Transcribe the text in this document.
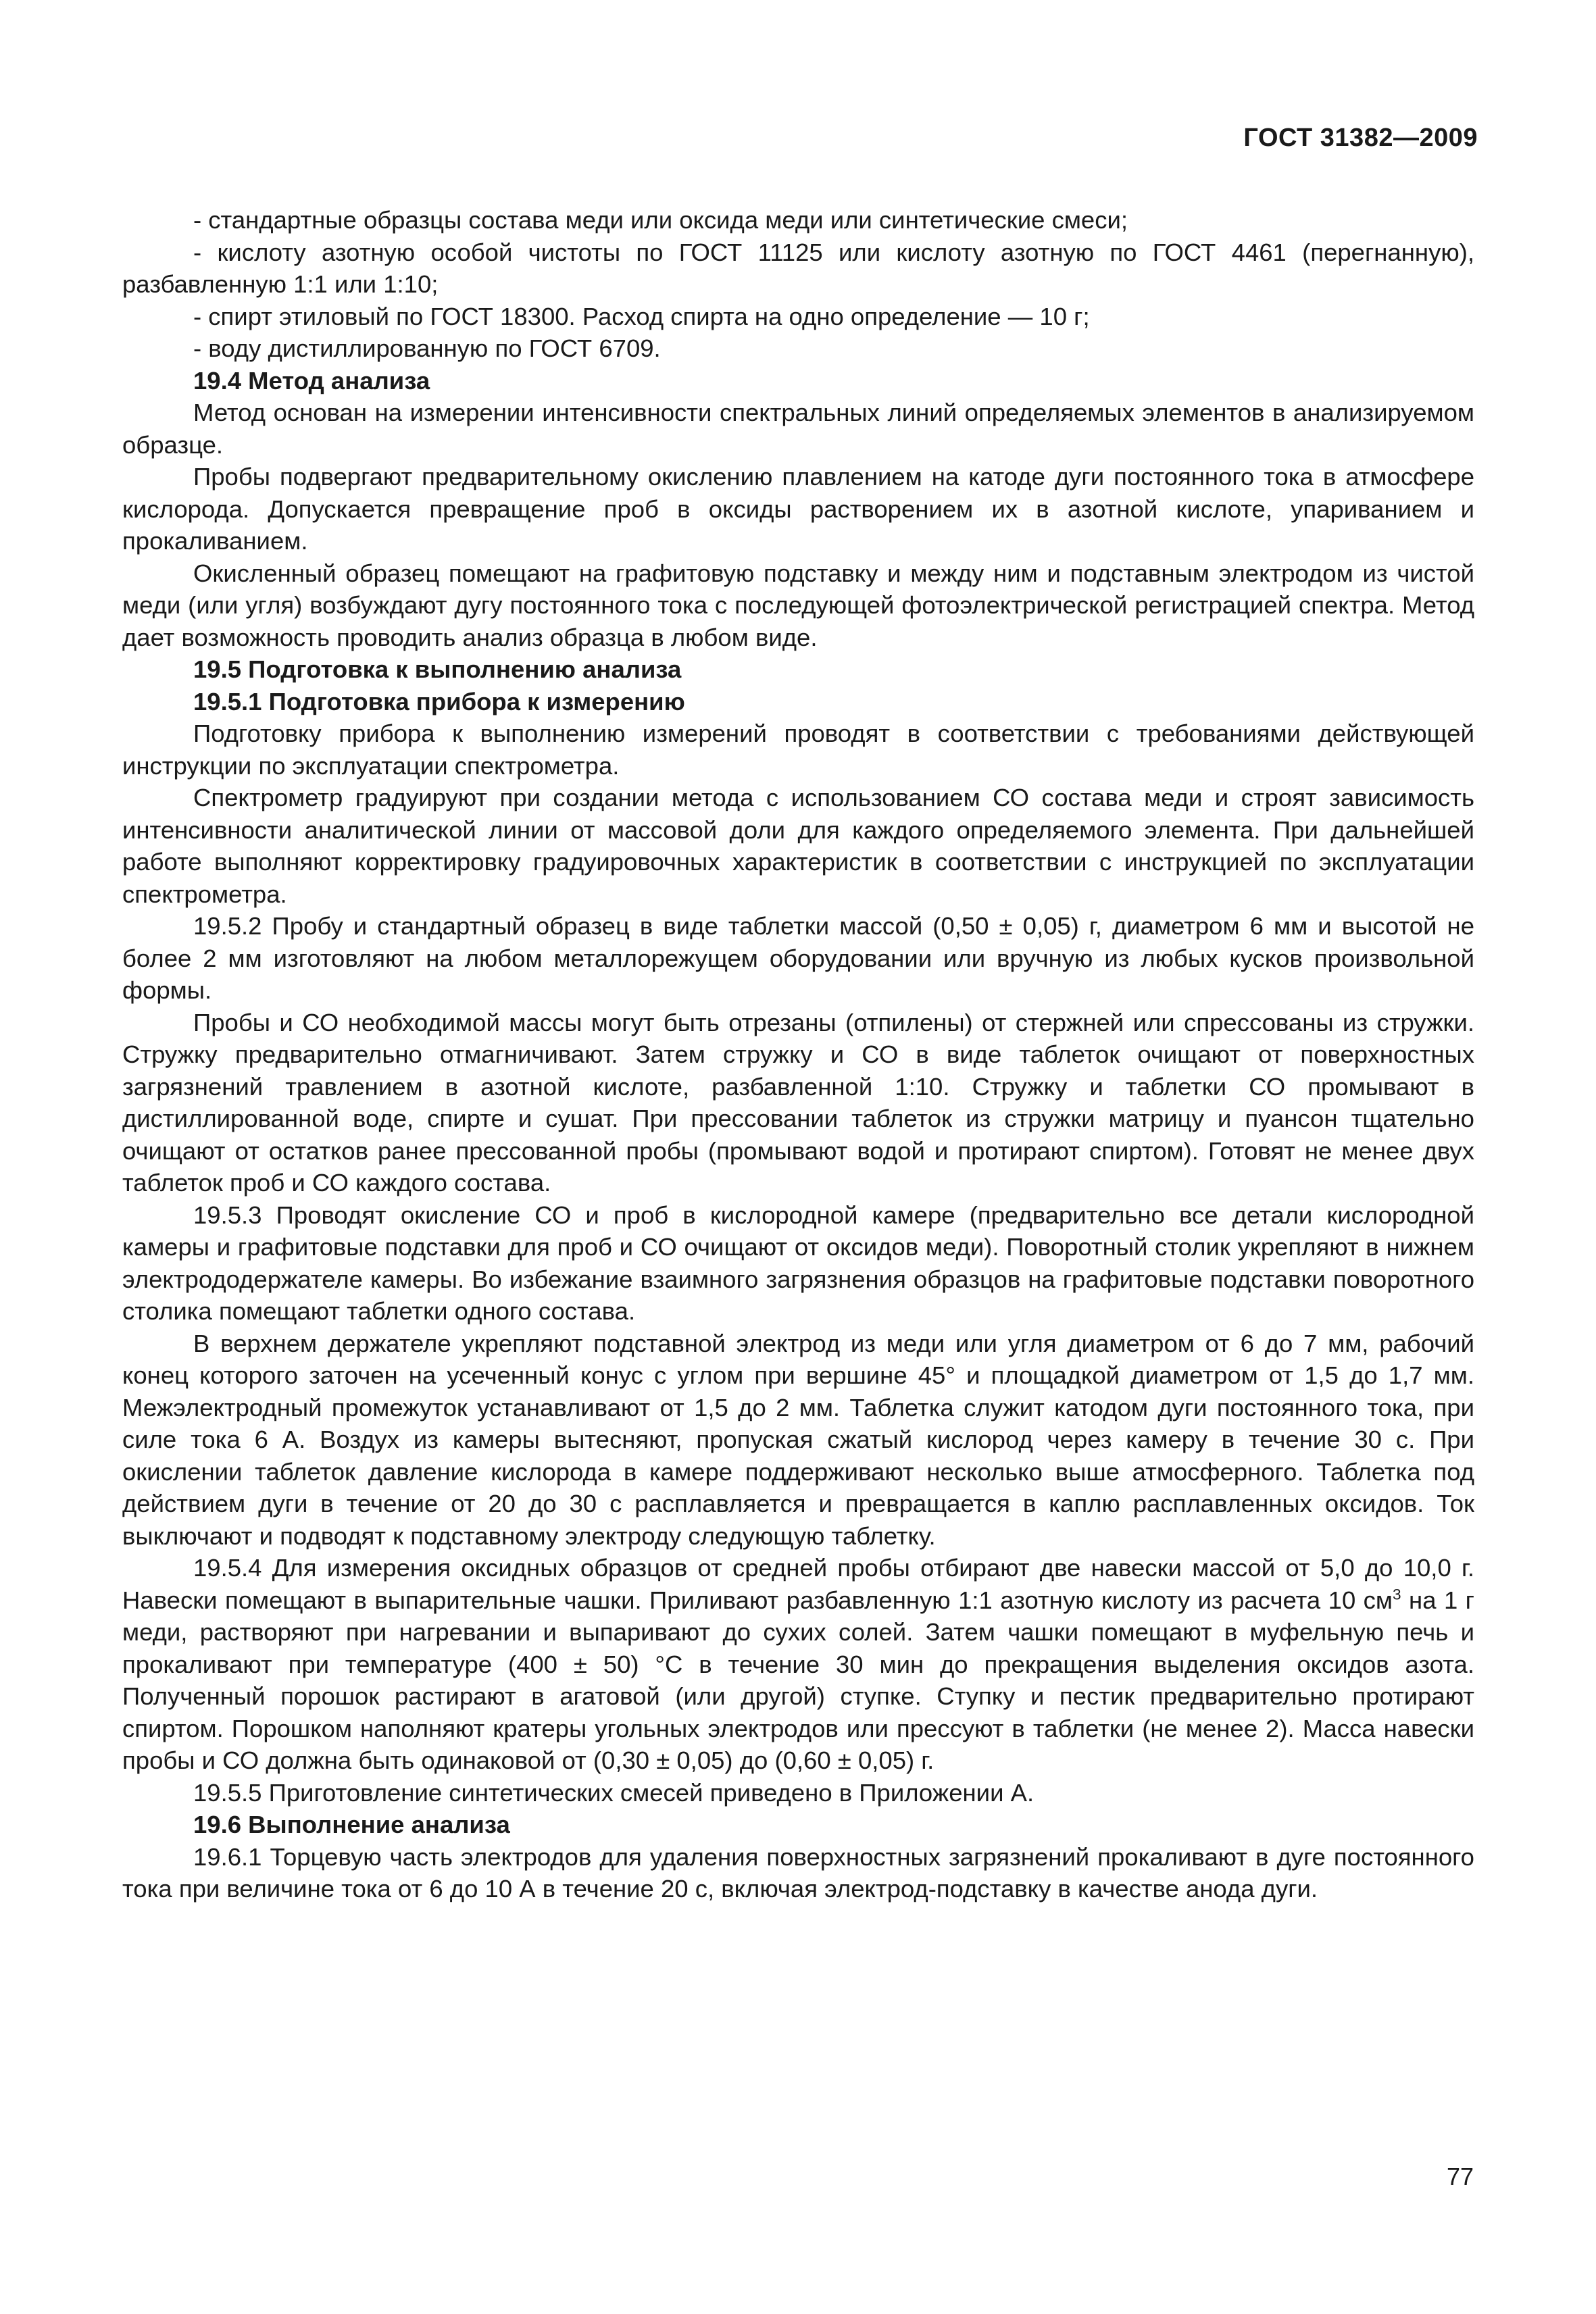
ГОСТ 31382—2009

- стандартные образцы состава меди или оксида меди или синтетические смеси;

- кислоту азотную особой чистоты по ГОСТ 11125 или кислоту азотную по ГОСТ 4461 (перегнанную), разбавленную 1:1 или 1:10;

- спирт этиловый по ГОСТ 18300. Расход спирта на одно определение — 10 г;

- воду дистиллированную по ГОСТ 6709.

19.4 Метод анализа

Метод основан на измерении интенсивности спектральных линий определяемых элементов в анализируемом образце.

Пробы подвергают предварительному окислению плавлением на катоде дуги постоянного тока в атмосфере кислорода. Допускается превращение проб в оксиды растворением их в азотной кислоте, упариванием и прокаливанием.

Окисленный образец помещают на графитовую подставку и между ним и подставным электродом из чистой меди (или угля) возбуждают дугу постоянного тока с последующей фотоэлектрической регистрацией спектра. Метод дает возможность проводить анализ образца в любом виде.

19.5 Подготовка к выполнению анализа

19.5.1 Подготовка прибора к измерению

Подготовку прибора к выполнению измерений проводят в соответствии с требованиями действующей инструкции по эксплуатации спектрометра.

Спектрометр градуируют при создании метода с использованием СО состава меди и строят зависимость интенсивности аналитической линии от массовой доли для каждого определяемого элемента. При дальнейшей работе выполняют корректировку градуировочных характеристик в соответствии с инструкцией по эксплуатации спектрометра.

19.5.2 Пробу и стандартный образец в виде таблетки массой (0,50 ± 0,05) г, диаметром 6 мм и высотой не более 2 мм изготовляют на любом металлорежущем оборудовании или вручную из любых кусков произвольной формы.

Пробы и СО необходимой массы могут быть отрезаны (отпилены) от стержней или спрессованы из стружки. Стружку предварительно отмагничивают. Затем стружку и СО в виде таблеток очищают от поверхностных загрязнений травлением в азотной кислоте, разбавленной 1:10. Стружку и таблетки СО промывают в дистиллированной воде, спирте и сушат. При прессовании таблеток из стружки матрицу и пуансон тщательно очищают от остатков ранее прессованной пробы (промывают водой и протирают спиртом). Готовят не менее двух таблеток проб и СО каждого состава.

19.5.3 Проводят окисление СО и проб в кислородной камере (предварительно все детали кислородной камеры и графитовые подставки для проб и СО очищают от оксидов меди). Поворотный столик укрепляют в нижнем электрододержателе камеры. Во избежание взаимного загрязнения образцов на графитовые подставки поворотного столика помещают таблетки одного состава.

В верхнем держателе укрепляют подставной электрод из меди или угля диаметром от 6 до 7 мм, рабочий конец которого заточен на усеченный конус с углом при вершине 45° и площадкой диаметром от 1,5 до 1,7 мм. Межэлектродный промежуток устанавливают от 1,5 до 2 мм. Таблетка служит катодом дуги постоянного тока, при силе тока 6 А. Воздух из камеры вытесняют, пропуская сжатый кислород через камеру в течение 30 с. При окислении таблеток давление кислорода в камере поддерживают несколько выше атмосферного. Таблетка под действием дуги в течение от 20 до 30 с расплавляется и превращается в каплю расплавленных оксидов. Ток выключают и подводят к подставному электроду следующую таблетку.

19.5.4 Для измерения оксидных образцов от средней пробы отбирают две навески массой от 5,0 до 10,0 г. Навески помещают в выпарительные чашки. Приливают разбавленную 1:1 азотную кислоту из расчета 10 $см^3$ на 1 г меди, растворяют при нагревании и выпаривают до сухих солей. Затем чашки помещают в муфельную печь и прокаливают при температуре (400 ± 50) °С в течение 30 мин до прекращения выделения оксидов азота. Полученный порошок растирают в агатовой (или другой) ступке. Ступку и пестик предварительно протирают спиртом. Порошком наполняют кратеры угольных электродов или прессуют в таблетки (не менее 2). Масса навески пробы и СО должна быть одинаковой от (0,30 ± 0,05) до (0,60 ± 0,05) г.

19.5.5 Приготовление синтетических смесей приведено в Приложении А.

19.6 Выполнение анализа

19.6.1 Торцевую часть электродов для удаления поверхностных загрязнений прокаливают в дуге постоянного тока при величине тока от 6 до 10 А в течение 20 с, включая электрод-подставку в качестве анода дуги.

77
